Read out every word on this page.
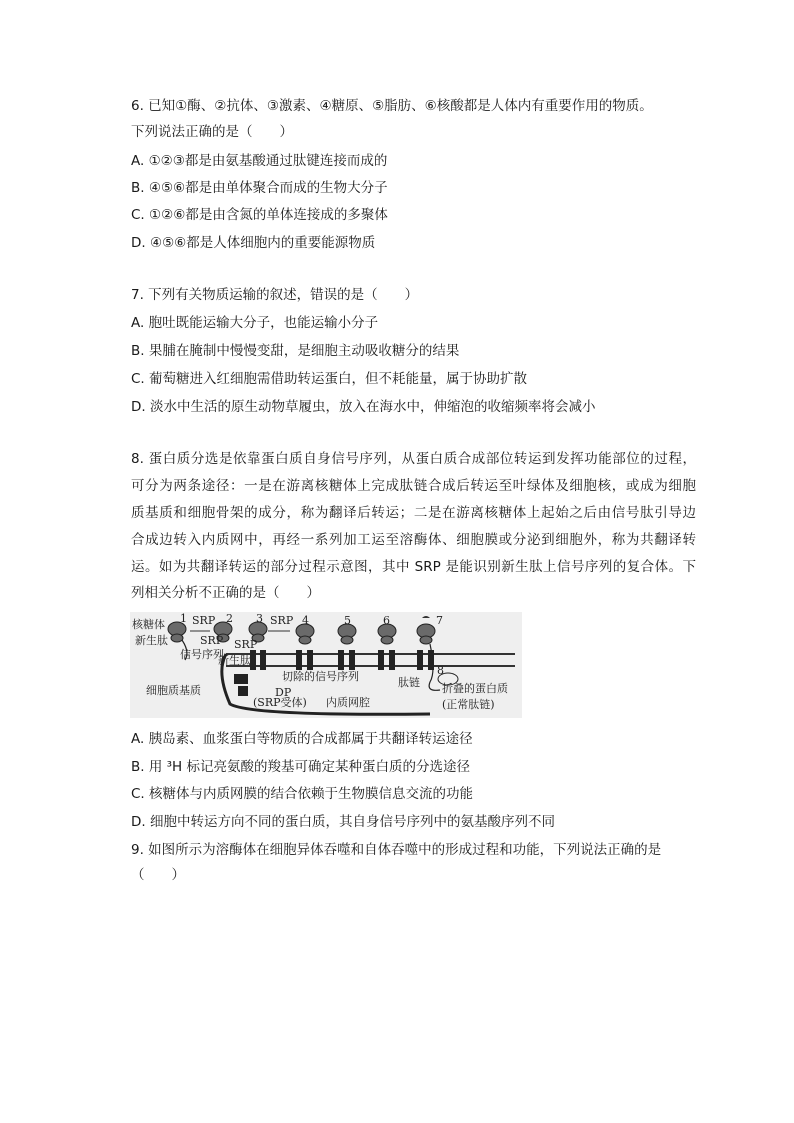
6. 已知①酶、②抗体、③激素、④糖原、⑤脂肪、⑥核酸都是人体内有重要作用的物质。
下列说法正确的是（　　）
A. ①②③都是由氨基酸通过肽键连接而成的
B. ④⑤⑥都是由单体聚合而成的生物大分子
C. ①②⑥都是由含氮的单体连接成的多聚体
D. ④⑤⑥都是人体细胞内的重要能源物质
7. 下列有关物质运输的叙述，错误的是（　　）
A. 胞吐既能运输大分子，也能运输小分子
B. 果脯在腌制中慢慢变甜，是细胞主动吸收糖分的结果
C. 葡萄糖进入红细胞需借助转运蛋白，但不耗能量，属于协助扩散
D. 淡水中生活的原生动物草履虫，放入在海水中，伸缩泡的收缩频率将会减小
8. 蛋白质分选是依靠蛋白质自身信号序列，从蛋白质合成部位转运到发挥功能部位的过程，
可分为两条途径：一是在游离核糖体上完成肽链合成后转运至叶绿体及细胞核，或成为细胞
质基质和细胞骨架的成分，称为翻译后转运；二是在游离核糖体上起始之后由信号肽引导边
合成边转入内质网中，再经一系列加工运至溶酶体、细胞膜或分泌到细胞外，称为共翻译转
运。如为共翻译转运的部分过程示意图，其中 SRP 是能识别新生肽上信号序列的复合体。下
列相关分析不正确的是（　　）
核糖体
新生肽
信号序列
新生肽
细胞质基质
(SRP受体) 内质网腔
切除的信号序列	肽链 折叠的蛋白质
(正常肽链)
SRP
SRP
SRP
SRP
DP
1	2 3	4	5	6	7
8
A. 胰岛素、血浆蛋白等物质的合成都属于共翻译转运途径
B. 用 ³H 标记亮氨酸的羧基可确定某种蛋白质的分选途径
C. 核糖体与内质网膜的结合依赖于生物膜信息交流的功能
D. 细胞中转运方向不同的蛋白质，其自身信号序列中的氨基酸序列不同
9. 如图所示为溶酶体在细胞异体吞噬和自体吞噬中的形成过程和功能，下列说法正确的是
（　　）
